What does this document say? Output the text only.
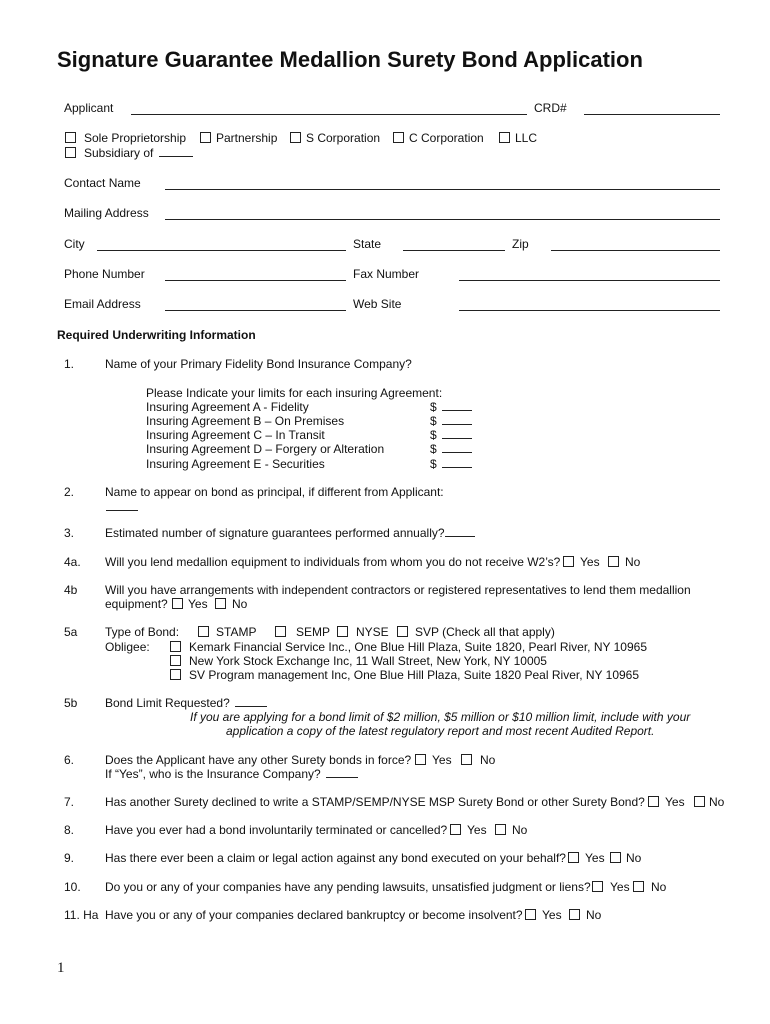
Signature Guarantee Medallion Surety Bond Application
Applicant	CRD#
Sole Proprietorship Partnership S Corporation C Corporation	LLC
Subsidiary of
Contact Name
Mailing Address
City	State	Zip
Phone Number	Fax Number
Email Address	Web Site
Required Underwriting Information
1.	Name of your Primary Fidelity Bond Insurance Company?
Please Indicate your limits for each insuring Agreement:
Insuring Agreement A - Fidelity	$
Insuring Agreement B – On Premises	$
Insuring Agreement C – In Transit	$
Insuring Agreement D – Forgery or Alteration	$
Insuring Agreement E - Securities	$
2.	Name to appear on bond as principal, if different from Applicant:
3.	Estimated number of signature guarantees performed annually?
4a. Will you lend medallion equipment to individuals from whom you do not receive W2’s? Yes No
4b Will you have arrangements with independent contractors or registered representatives to lend them medallion
equipment? Yes No
5a Type of Bond:	STAMP	SEMP NYSE SVP (Check all that apply)
Obligee:	Kemark Financial Service Inc., One Blue Hill Plaza, Suite 1820, Pearl River, NY 10965
New York Stock Exchange Inc, 11 Wall Street, New York, NY 10005
SV Program management Inc, One Blue Hill Plaza, Suite 1820 Peal River, NY 10965
5b Bond Limit Requested?
If you are applying for a bond limit of $2 million, $5 million or $10 million limit, include with your
application a copy of the latest regulatory report and most recent Audited Report.
6.	Does the Applicant have any other Surety bonds in force? Yes No
If “Yes”, who is the Insurance Company?
7.	Has another Surety declined to write a STAMP/SEMP/NYSE MSP Surety Bond or other Surety Bond? Yes No
8.	Have you ever had a bond involuntarily terminated or cancelled? Yes No
9.	Has there ever been a claim or legal action against any bond executed on your behalf? Yes No
10. Do you or any of your companies have any pending lawsuits, unsatisfied judgment or liens? Yes No
11. Ha Have you or any of your companies declared bankruptcy or become insolvent? Yes No
1
